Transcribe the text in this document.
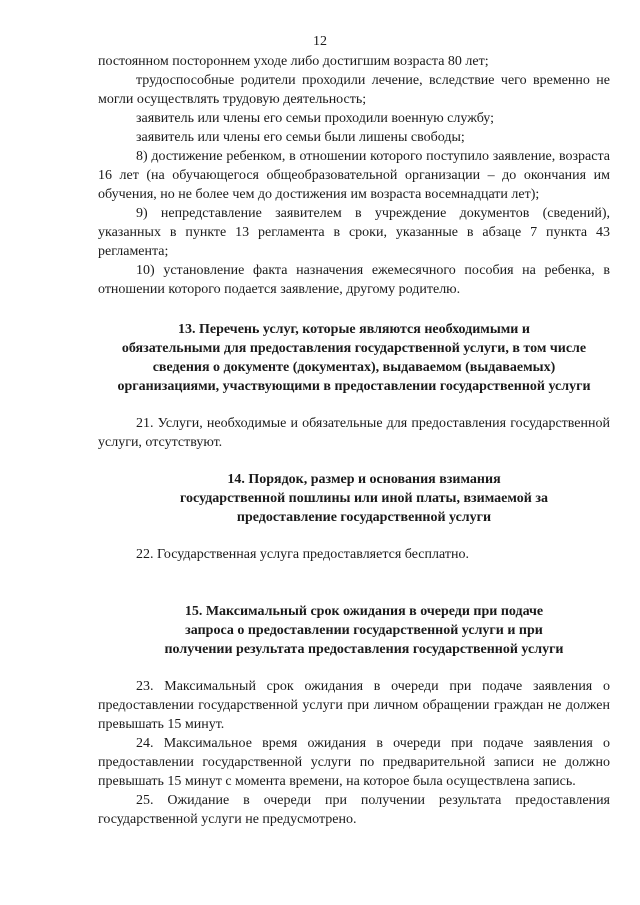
12

постоянном постороннем уходе либо достигшим возраста 80 лет;

трудоспособные родители проходили лечение, вследствие чего временно не могли осуществлять трудовую деятельность;

заявитель или члены его семьи проходили военную службу;

заявитель или члены его семьи были лишены свободы;

8) достижение ребенком, в отношении которого поступило заявление, возраста 16 лет (на обучающегося общеобразовательной организации – до окончания им обучения, но не более чем до достижения им возраста восемнадцати лет);

9) непредставление заявителем в учреждение документов (сведений), указанных в пункте 13 регламента в сроки, указанные в абзаце 7 пункта 43 регламента;

10) установление факта назначения ежемесячного пособия на ребенка, в отношении которого подается заявление, другому родителю.

13. Перечень услуг, которые являются необходимыми и
обязательными для предоставления государственной услуги, в том числе
сведения о документе (документах), выдаваемом (выдаваемых)
организациями, участвующими в предоставлении государственной услуги

21. Услуги, необходимые и обязательные для предоставления государственной услуги, отсутствуют.

14. Порядок, размер и основания взимания
государственной пошлины или иной платы, взимаемой за
предоставление государственной услуги

22. Государственная услуга предоставляется бесплатно.

15. Максимальный срок ожидания в очереди при подаче
запроса о предоставлении государственной услуги и при
получении результата предоставления государственной услуги

23. Максимальный срок ожидания в очереди при подаче заявления о предоставлении государственной услуги при личном обращении граждан не должен превышать 15 минут.

24. Максимальное время ожидания в очереди при подаче заявления о предоставлении государственной услуги по предварительной записи не должно превышать 15 минут с момента времени, на которое была осуществлена запись.

25. Ожидание в очереди при получении результата предоставления государственной услуги не предусмотрено.
